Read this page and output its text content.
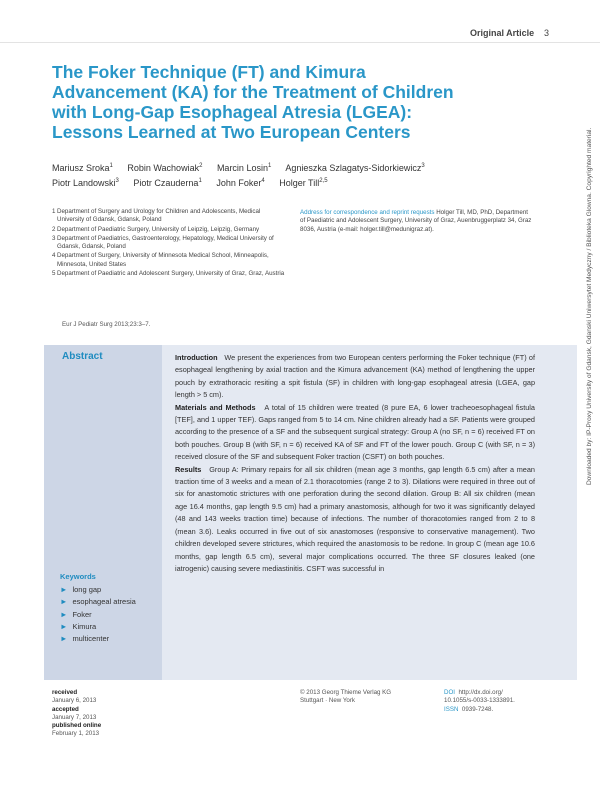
Original Article 3
The Foker Technique (FT) and Kimura
Advancement (KA) for the Treatment of Children
with Long-Gap Esophageal Atresia (LGEA):
Lessons Learned at Two European Centers
Mariusz Sroka$^1$ Robin Wachowiak$^2$ Marcin Losin$^1$ Agnieszka Szlagatys-Sidorkiewicz$^3$
Piotr Landowski$^3$ Piotr Czauderna$^1$ John Foker$^4$ Holger Till$^{2,5}$
1 Department of Surgery and Urology for Children and Adolescents, Medical University of Gdansk, Gdansk, Poland
2 Department of Paediatric Surgery, University of Leipzig, Leipzig, Germany
3 Department of Paediatrics, Gastroenterology, Hepatology, Medical University of Gdansk, Gdansk, Poland
4 Department of Surgery, University of Minnesota Medical School, Minneapolis, Minnesota, United States
5 Department of Paediatric and Adolescent Surgery, University of Graz, Graz, Austria
Address for correspondence and reprint requests Holger Till, MD, PhD, Department of Paediatric and Adolescent Surgery, University of Graz, Auenbruggerplatz 34, Graz 8036, Austria (e-mail: holger.till@medunigraz.at).
Eur J Pediatr Surg 2013;23:3–7.
Abstract	Introduction We present the experiences from two European centers performing the Foker technique (FT) of esophageal lengthening by axial traction and the Kimura advancement (KA) method of lengthening the upper pouch by extrathoracic resiting a spit fistula (SF) in children with long-gap esophageal atresia (LGEA, gap length > 5 cm).

Materials and Methods A total of 15 children were treated (8 pure EA, 6 lower tracheoesophageal fistula [TEF], and 1 upper TEF). Gaps ranged from 5 to 14 cm. Nine children already had a SF. Patients were grouped according to the presence of a SF and the subsequent surgical strategy: Group A (no SF, n = 6) received FT on both pouches. Group B (with SF, n = 6) received KA of SF and FT of the lower pouch. Group C (with SF, n = 3) received closure of the SF and subsequent Foker traction (CSFT) on both pouches.

Results Group A: Primary repairs for all six children (mean age 3 months, gap length 6.5 cm) after a mean traction time of 3 weeks and a mean of 2.1 thoracotomies (range 2 to 3). Dilations were required in three out of six for anastomotic strictures with one perforation during the second dilation. Group B: All six children (mean age 16.4 months, gap length 9.5 cm) had a primary anastomosis, although for two it was significantly delayed (48 and 143 weeks traction time) because of infections. The number of thoracotomies ranged from 2 to 8 (mean 3.6). Leaks occurred in five out of six anastomoses (responsive to conservative management). Two children developed severe strictures, which required the anastomosis to be redone. In group C (mean age 10.6 months, gap length 6.5 cm), several major complications occurred. The three SF closures leaked (one iatrogenic) causing severe mediastinitis. CSFT was successful in

Keywords
► long gap
► esophageal atresia
► Foker
► Kimura
► multicenter
received
January 6, 2013
accepted
January 7, 2013
published online
February 1, 2013
© 2013 Georg Thieme Verlag KG
Stuttgart · New York
DOI http://dx.doi.org/
10.1055/s-0033-1333891.
ISSN 0939-7248.
Downloaded by: IP-Proxy University of Gdansk, Gdanski Uniwersytet Medyczny / Biblioteka Glowna. Copyrighted material.
